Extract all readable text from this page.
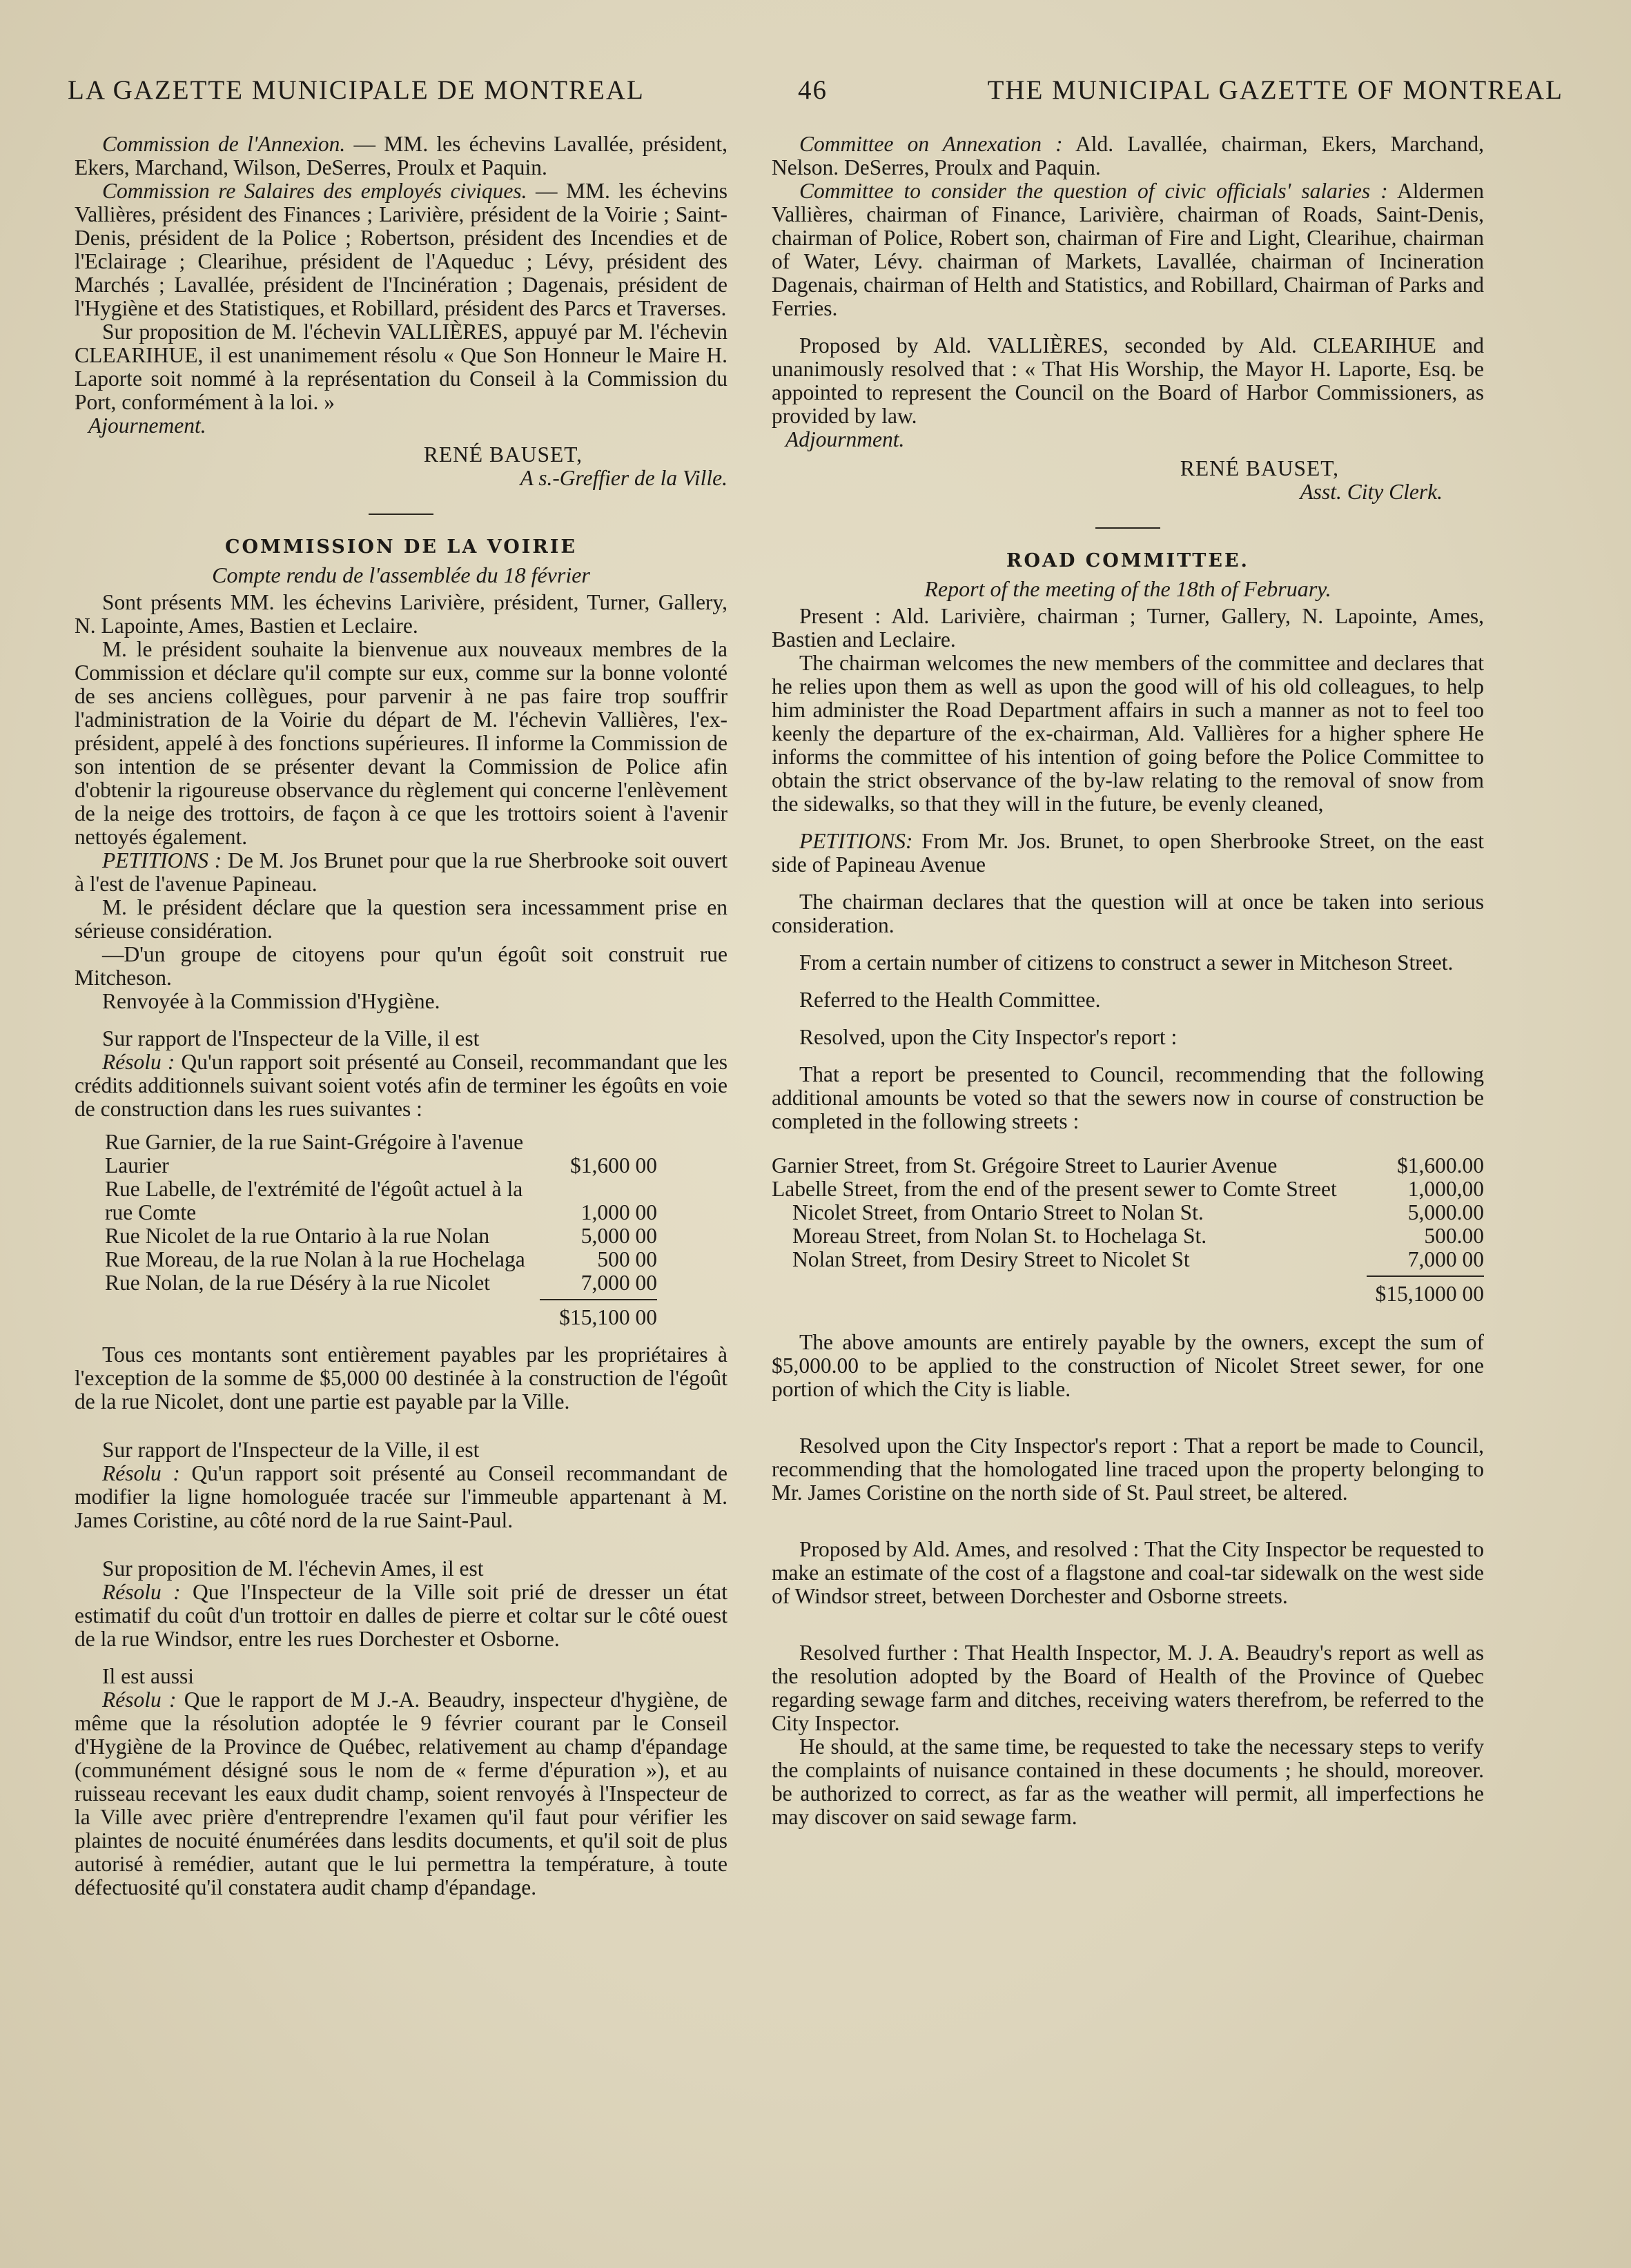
LA GAZETTE MUNICIPALE DE MONTREAL	46	THE MUNICIPAL GAZETTE OF MONTREAL

Commission de l'Annexion. — MM. les échevins Lavallée, président, Ekers, Marchand, Wilson, DeSerres, Proulx et Paquin.

Commission re Salaires des employés civiques. — MM. les échevins Vallières, président des Finances ; Larivière, président de la Voirie ; Saint-Denis, président de la Police ; Robertson, président des Incendies et de l'Eclairage ; Clearihue, président de l'Aqueduc ; Lévy, président des Marchés ; Lavallée, président de l'Incinération ; Dagenais, président de l'Hygiène et des Statistiques, et Robillard, président des Parcs et Traverses.

Sur proposition de M. l'échevin VALLIÈRES, appuyé par M. l'échevin CLEARIHUE, il est unanimement résolu « Que Son Honneur le Maire H. Laporte soit nommé à la représentation du Conseil à la Commission du Port, conformément à la loi. »

Ajournement.

RENÉ BAUSET,

A s.-Greffier de la Ville.

COMMISSION DE LA VOIRIE

Compte rendu de l'assemblée du 18 février

Sont présents MM. les échevins Larivière, président, Turner, Gallery, N. Lapointe, Ames, Bastien et Leclaire.

M. le président souhaite la bienvenue aux nouveaux membres de la Commission et déclare qu'il compte sur eux, comme sur la bonne volonté de ses anciens collègues, pour parvenir à ne pas faire trop souffrir l'administration de la Voirie du départ de M. l'échevin Vallières, l'ex-président, appelé à des fonctions supérieures. Il informe la Commission de son intention de se présenter devant la Commission de Police afin d'obtenir la rigoureuse observance du règlement qui concerne l'enlèvement de la neige des trottoirs, de façon à ce que les trottoirs soient à l'avenir nettoyés également.

PETITIONS : De M. Jos Brunet pour que la rue Sherbrooke soit ouvert à l'est de l'avenue Papineau.

M. le président déclare que la question sera incessamment prise en sérieuse considération.

—D'un groupe de citoyens pour qu'un égoût soit construit rue Mitcheson.

Renvoyée à la Commission d'Hygiène.

Sur rapport de l'Inspecteur de la Ville, il est

Résolu : Qu'un rapport soit présenté au Conseil, recommandant que les crédits additionnels suivant soient votés afin de terminer les égoûts en voie de construction dans les rues suivantes :

Rue Garnier, de la rue Saint-Grégoire à l'avenue Laurier	$1,600 00
Rue Labelle, de l'extrémité de l'égoût actuel à la rue Comte	1,000 00
Rue Nicolet de la rue Ontario à la rue Nolan	5,000 00
Rue Moreau, de la rue Nolan à la rue Hochelaga	500 00
Rue Nolan, de la rue Déséry à la rue Nicolet	7,000 00
$15,100 00

Tous ces montants sont entièrement payables par les propriétaires à l'exception de la somme de $5,000 00 destinée à la construction de l'égoût de la rue Nicolet, dont une partie est payable par la Ville.

Sur rapport de l'Inspecteur de la Ville, il est

Résolu : Qu'un rapport soit présenté au Conseil recommandant de modifier la ligne homologuée tracée sur l'immeuble appartenant à M. James Coristine, au côté nord de la rue Saint-Paul.

Sur proposition de M. l'échevin Ames, il est

Résolu : Que l'Inspecteur de la Ville soit prié de dresser un état estimatif du coût d'un trottoir en dalles de pierre et coltar sur le côté ouest de la rue Windsor, entre les rues Dorchester et Osborne.

Il est aussi

Résolu : Que le rapport de M J.-A. Beaudry, inspecteur d'hygiène, de même que la résolution adoptée le 9 février courant par le Conseil d'Hygiène de la Province de Québec, relativement au champ d'épandage (communément désigné sous le nom de « ferme d'épuration »), et au ruisseau recevant les eaux dudit champ, soient renvoyés à l'Inspecteur de la Ville avec prière d'entreprendre l'examen qu'il faut pour vérifier les plaintes de nocuité énumérées dans lesdits documents, et qu'il soit de plus autorisé à remédier, autant que le lui permettra la température, à toute défectuosité qu'il constatera audit champ d'épandage.

Committee on Annexation : Ald. Lavallée, chairman, Ekers, Marchand, Nelson. DeSerres, Proulx and Paquin.

Committee to consider the question of civic officials' salaries : Aldermen Vallières, chairman of Finance, Larivière, chairman of Roads, Saint-Denis, chairman of Police, Robert son, chairman of Fire and Light, Clearihue, chairman of Water, Lévy. chairman of Markets, Lavallée, chairman of Incineration Dagenais, chairman of Helth and Statistics, and Robillard, Chairman of Parks and Ferries.

Proposed by Ald. VALLIÈRES, seconded by Ald. CLEARIHUE and unanimously resolved that : « That His Worship, the Mayor H. Laporte, Esq. be appointed to represent the Council on the Board of Harbor Commissioners, as provided by law.

Adjournment.

RENÉ BAUSET,

Asst. City Clerk.

ROAD COMMITTEE.

Report of the meeting of the 18th of February.

Present : Ald. Larivière, chairman ; Turner, Gallery, N. Lapointe, Ames, Bastien and Leclaire.

The chairman welcomes the new members of the committee and declares that he relies upon them as well as upon the good will of his old colleagues, to help him administer the Road Department affairs in such a manner as not to feel too keenly the departure of the ex-chairman, Ald. Vallières for a higher sphere He informs the committee of his intention of going before the Police Committee to obtain the strict observance of the by-law relating to the removal of snow from the sidewalks, so that they will in the future, be evenly cleaned,

PETITIONS: From Mr. Jos. Brunet, to open Sherbrooke Street, on the east side of Papineau Avenue

The chairman declares that the question will at once be taken into serious consideration.

From a certain number of citizens to construct a sewer in Mitcheson Street.

Referred to the Health Committee.

Resolved, upon the City Inspector's report :

That a report be presented to Council, recommending that the following additional amounts be voted so that the sewers now in course of construction be completed in the following streets :

Garnier Street, from St. Grégoire Street to Laurier Avenue	$1,600.00
Labelle Street, from the end of the present sewer to Comte Street	1,000,00
Nicolet Street, from Ontario Street to Nolan St.	5,000.00
Moreau Street, from Nolan St. to Hochelaga St.	500.00
Nolan Street, from Desiry Street to Nicolet St	7,000 00
$15,1000 00

The above amounts are entirely payable by the owners, except the sum of $5,000.00 to be applied to the construction of Nicolet Street sewer, for one portion of which the City is liable.

Resolved upon the City Inspector's report : That a report be made to Council, recommending that the homologated line traced upon the property belonging to Mr. James Coristine on the north side of St. Paul street, be altered.

Proposed by Ald. Ames, and resolved : That the City Inspector be requested to make an estimate of the cost of a flagstone and coal-tar sidewalk on the west side of Windsor street, between Dorchester and Osborne streets.

Resolved further : That Health Inspector, M. J. A. Beaudry's report as well as the resolution adopted by the Board of Health of the Province of Quebec regarding sewage farm and ditches, receiving waters therefrom, be referred to the City Inspector.

He should, at the same time, be requested to take the necessary steps to verify the complaints of nuisance contained in these documents ; he should, moreover. be authorized to correct, as far as the weather will permit, all imperfections he may discover on said sewage farm.
